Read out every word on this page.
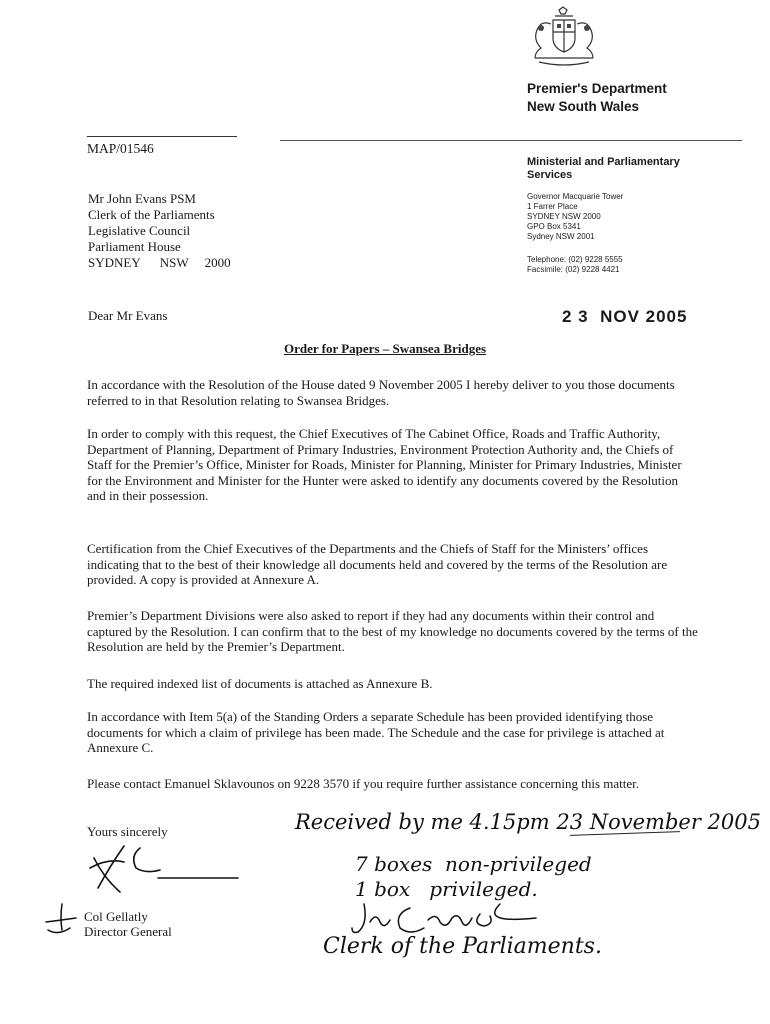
Premier's Department
New South Wales
MAP/01546
Ministerial and Parliamentary
Services
Governor Macquarie Tower
1 Farrer Place
SYDNEY NSW 2000
GPO Box 5341
Sydney NSW 2001
Telephone: (02) 9228 5555
Facsimile: (02) 9228 4421
Mr John Evans PSM
Clerk of the Parliaments
Legislative Council
Parliament House
SYDNEY      NSW     2000
Dear Mr Evans	2 3  NOV 2005
Order for Papers – Swansea Bridges
In accordance with the Resolution of the House dated 9 November 2005 I hereby deliver to you those documents referred to in that Resolution relating to Swansea Bridges.
In order to comply with this request, the Chief Executives of The Cabinet Office, Roads and Traffic Authority, Department of Planning, Department of Primary Industries, Environment Protection Authority and, the Chiefs of Staff for the Premier’s Office, Minister for Roads, Minister for Planning, Minister for Primary Industries, Minister for the Environment and Minister for the Hunter were asked to identify any documents covered by the Resolution and in their possession.
Certification from the Chief Executives of the Departments and the Chiefs of Staff for the Ministers’ offices indicating that to the best of their knowledge all documents held and covered by the terms of the Resolution are provided. A copy is provided at Annexure A.
Premier’s Department Divisions were also asked to report if they had any documents within their control and captured by the Resolution. I can confirm that to the best of my knowledge no documents covered by the terms of the Resolution are held by the Premier’s Department.
The required indexed list of documents is attached as Annexure B.
In accordance with Item 5(a) of the Standing Orders a separate Schedule has been provided identifying those documents for which a claim of privilege has been made. The Schedule and the case for privilege is attached at Annexure C.
Please contact Emanuel Sklavounos on 9228 3570 if you require further assistance concerning this matter.
Yours sincerely
Col Gellatly
Director General
Received by me 4.15pm 23 November 2005
7 boxes  non-privileged
1 box   privileged.
Clerk of the Parliaments.
